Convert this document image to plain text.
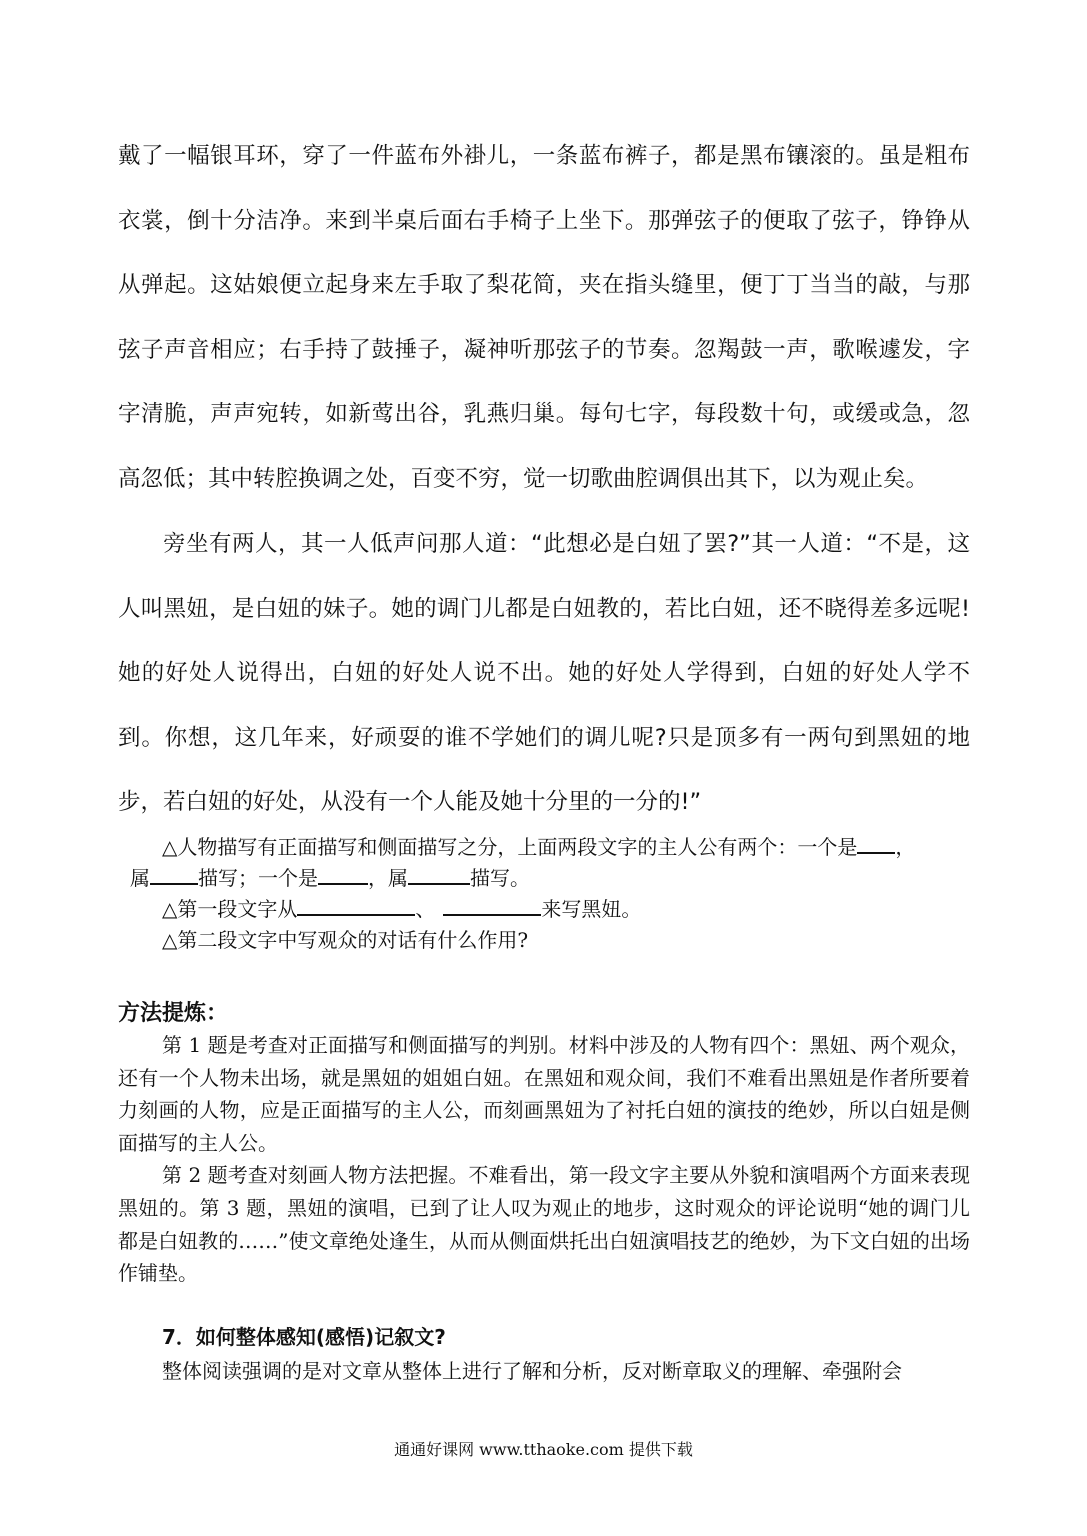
戴了一幅银耳环，穿了一件蓝布外褂儿，一条蓝布裤子，都是黑布镶滚的。虽是粗布衣裳，倒十分洁净。来到半桌后面右手椅子上坐下。那弹弦子的便取了弦子，铮铮从从弹起。这姑娘便立起身来左手取了梨花简，夹在指头缝里，便丁丁当当的敲，与那弦子声音相应；右手持了鼓捶子，凝神听那弦子的节奏。忽羯鼓一声，歌喉遽发，字字清脆，声声宛转，如新莺出谷，乳燕归巢。每句七字，每段数十句，或缓或急，忽高忽低；其中转腔换调之处，百变不穷，觉一切歌曲腔调俱出其下，以为观止矣。

旁坐有两人，其一人低声问那人道：“此想必是白妞了罢?”其一人道：“不是，这人叫黑妞，是白妞的妹子。她的调门儿都是白妞教的，若比白妞，还不晓得差多远呢!她的好处人说得出，白妞的好处人说不出。她的好处人学得到，白妞的好处人学不到。你想，这几年来，好顽耍的谁不学她们的调儿呢?只是顶多有一两句到黑妞的地步，若白妞的好处，从没有一个人能及她十分里的一分的!”

△人物描写有正面描写和侧面描写之分，上面两段文字的主人公有两个：一个是 ，

属 描写；一个是	，属	描写。

△第一段文字从	、	来写黑妞。

△第二段文字中写观众的对话有什么作用?

方法提炼：

第 1 题是考查对正面描写和侧面描写的判别。材料中涉及的人物有四个：黑妞、两个观众，还有一个人物未出场，就是黑妞的姐姐白妞。在黑妞和观众间，我们不难看出黑妞是作者所要着力刻画的人物，应是正面描写的主人公，而刻画黑妞为了衬托白妞的演技的绝妙，所以白妞是侧面描写的主人公。

第 2 题考查对刻画人物方法把握。不难看出，第一段文字主要从外貌和演唱两个方面来表现黑妞的。第 3 题，黑妞的演唱，已到了让人叹为观止的地步，这时观众的评论说明“她的调门儿都是白妞教的……”使文章绝处逢生，从而从侧面烘托出白妞演唱技艺的绝妙，为下文白妞的出场作铺垫。

7．如何整体感知(感悟)记叙文?

整体阅读强调的是对文章从整体上进行了解和分析，反对断章取义的理解、牵强附会

通通好课网 www.tthaoke.com 提供下载
